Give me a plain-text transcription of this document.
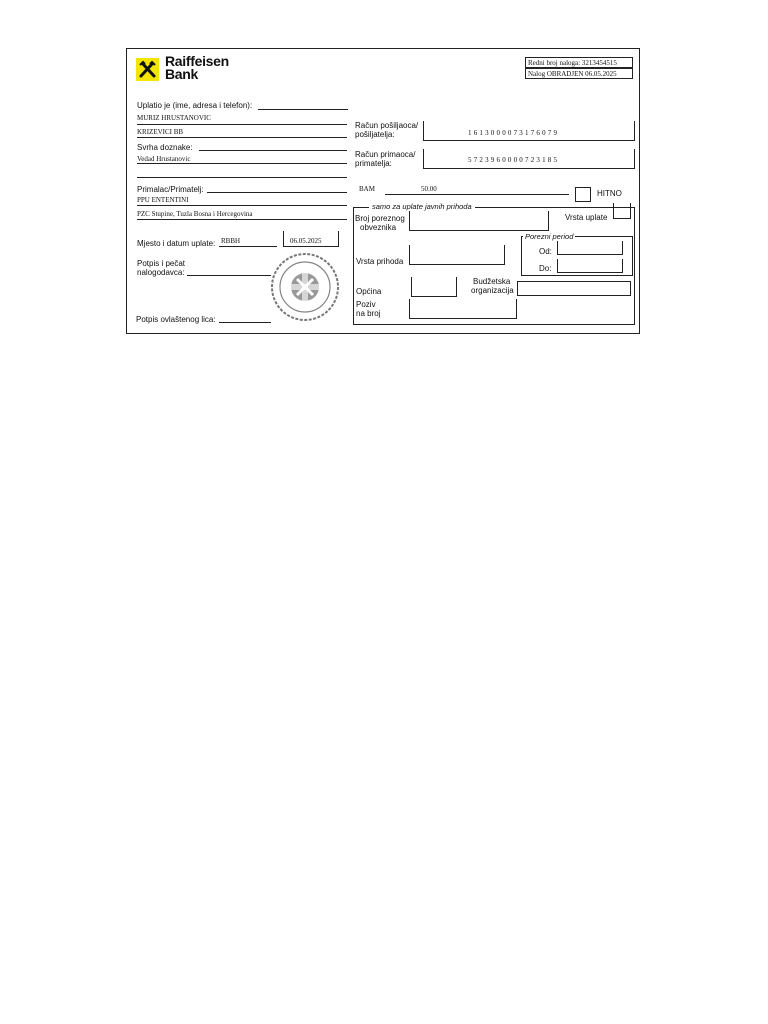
Raiffeisen
Bank
Redni broj naloga: 3213454515
Nalog OBRADJEN 06.05.2025
Uplatio je (ime, adresa i telefon):
MURIZ HRUSTANOVIC
KRIZEVICI BB
Svrha doznake:
Vedad Hrustanovic
Primalac/Primatelj:
PPU ENTENTINI
PZC Stupine, Tuzla Bosna i Hercegovina
Mjesto i datum uplate: RBBH	06.05.2025
Potpis i pečat
nalogodavca:
Potpis ovlaštenog lica:
Račun pošiljaoca/
pošiljatelja:	1613000073176079
Račun primaoca/
primatelja:	5723960000723185
BAM	50.00	HITNO
samo za uplate javnih prihoda
Broj poreznog
obveznika
Vrsta uplate
Porezni period
Od:
Do:
Vrsta prihoda
Općina
Budžetska
organizacija
Poziv
na broj
